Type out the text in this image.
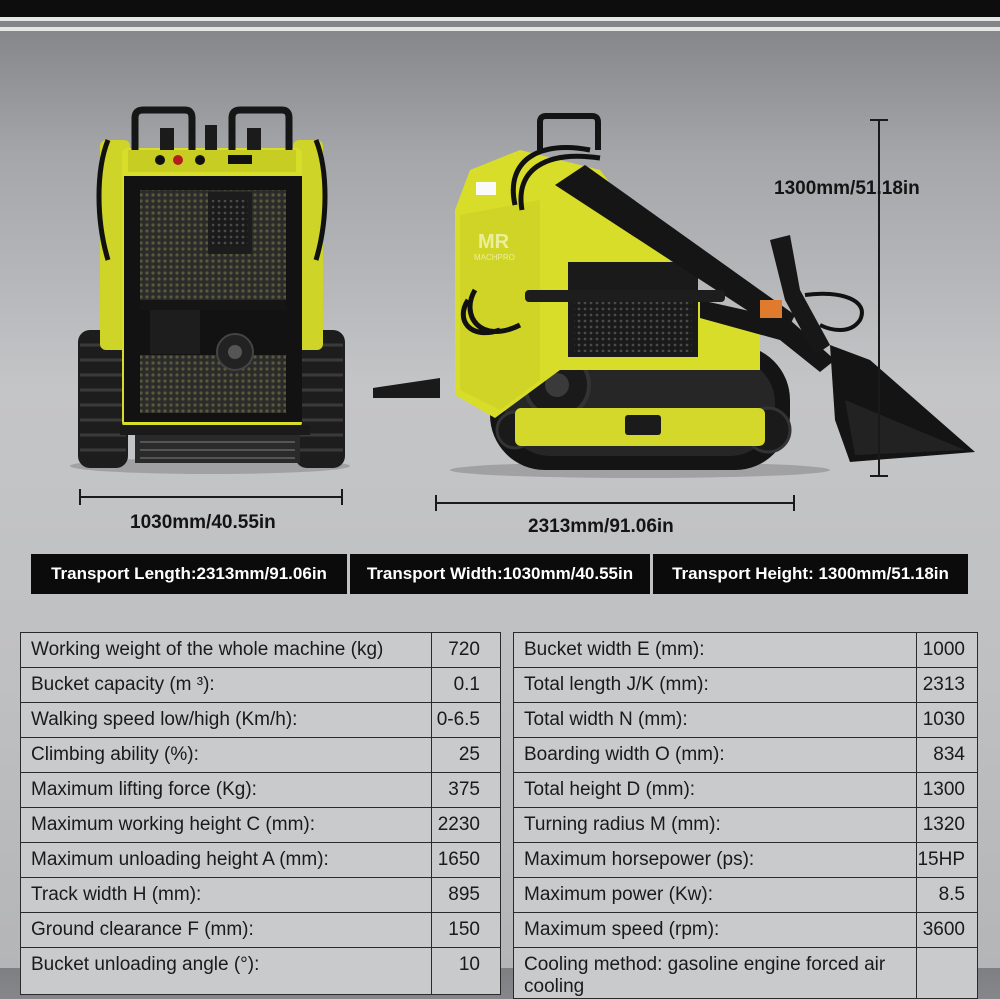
MR
MACHPRO
1030mm/40.55in	2313mm/91.06in
1300mm/51.18in
Transport Length:2313mm/91.06in	Transport Width:1030mm/40.55in	Transport Height: 1300mm/51.18in
Working weight of the whole machine (kg)	720
Bucket capacity (m ³):	0.1
Walking speed low/high (Km/h):	0-6.5
Climbing ability (%):	25
Maximum lifting force (Kg):	375
Maximum working height C (mm):	2230
Maximum unloading height A (mm):	1650
Track width H (mm):	895
Ground clearance F (mm):	150
Bucket unloading angle (°):	10
Bucket width E (mm):	1000
Total length J/K (mm):	2313
Total width N (mm):	1030
Boarding width O (mm):	834
Total height D (mm):	1300
Turning radius M (mm):	1320
Maximum horsepower (ps):	15HP
Maximum power (Kw):	8.5
Maximum speed (rpm):	3600
Cooling method: gasoline engine forced air cooling	
